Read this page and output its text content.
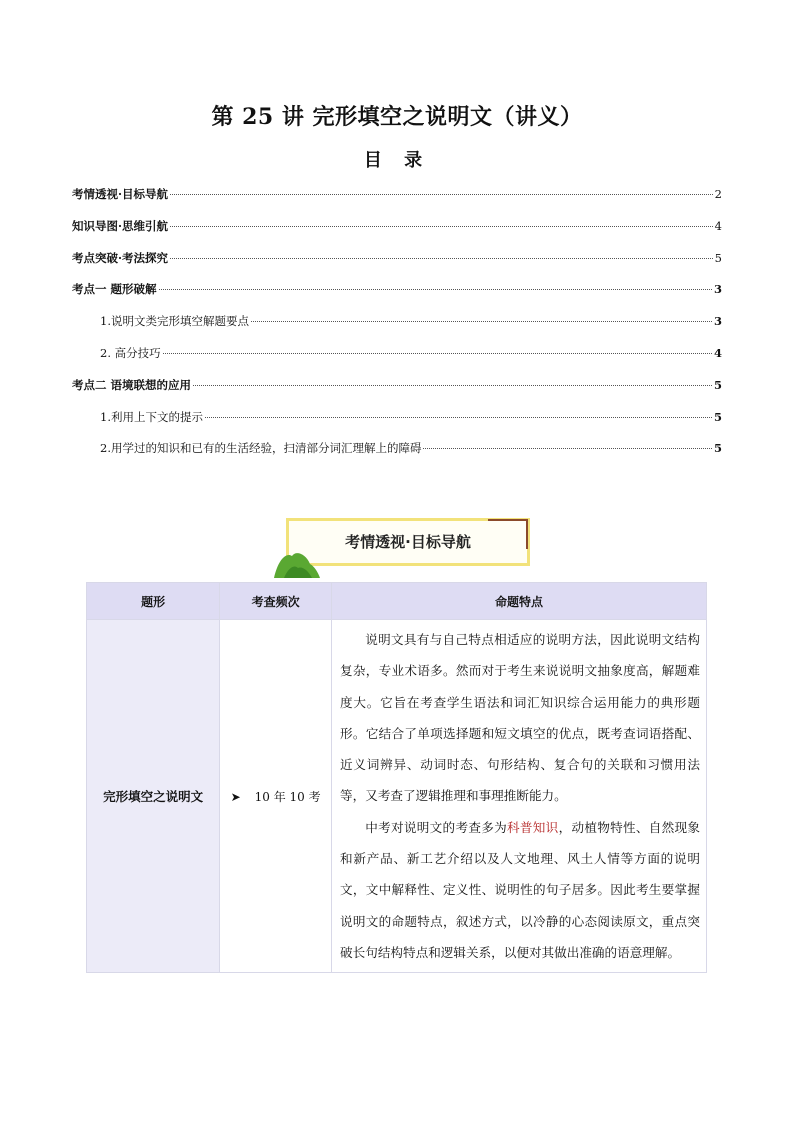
第 25 讲 完形填空之说明文（讲义）
目 录
考情透视·目标导航	2
知识导图·思维引航	4
考点突破·考法探究	5
考点一 题形破解	3
1.说明文类完形填空解题要点	3
2. 高分技巧	4
考点二 语境联想的应用	5
1.利用上下文的提示	5
2.用学过的知识和已有的生活经验，扫清部分词汇理解上的障碍	5
考情透视·目标导航
题形	考查频次	命题特点
完形填空之说明文	➤ 10 年 10 考	说明文具有与自己特点相适应的说明方法，因此说明文结构复杂，专业术语多。然而对于考生来说说明文抽象度高，解题难度大。它旨在考查学生语法和词汇知识综合运用能力的典形题形。它结合了单项选择题和短文填空的优点，既考查词语搭配、近义词辨异、动词时态、句形结构、复合句的关联和习惯用法等，又考查了逻辑推理和事理推断能力。

中考对说明文的考查多为科普知识，动植物特性、自然现象和新产品、新工艺介绍以及人文地理、风土人情等方面的说明文，文中解释性、定义性、说明性的句子居多。因此考生要掌握说明文的命题特点，叙述方式，以冷静的心态阅读原文，重点突破长句结构特点和逻辑关系，以便对其做出准确的语意理解。
